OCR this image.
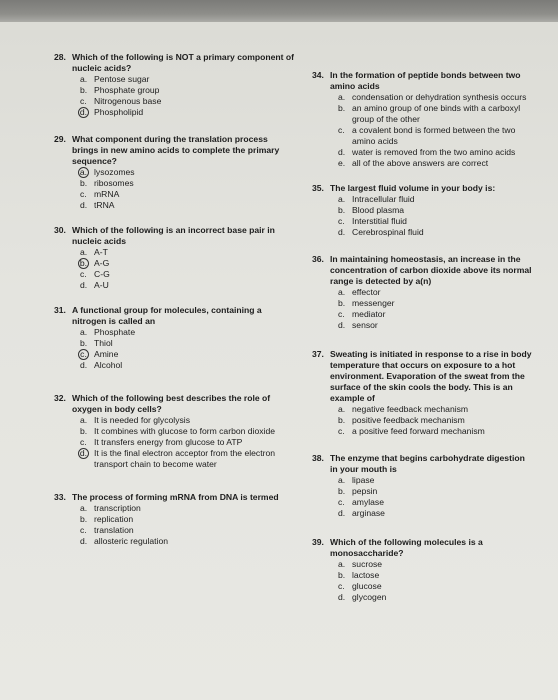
28. Which of the following is NOT a primary component of nucleic acids?
a. Pentose sugar
b. Phosphate group
c. Nitrogenous base
d. Phospholipid
29. What component during the translation process brings in new amino acids to complete the primary sequence?
a. lysozomes
b. ribosomes
c. mRNA
d. tRNA
30. Which of the following is an incorrect base pair in nucleic acids
a. A-T
b. A-G
c. C-G
d. A-U
31. A functional group for molecules, containing a nitrogen is called an
a. Phosphate
b. Thiol
c. Amine
d. Alcohol
32. Which of the following best describes the role of oxygen in body cells?
a. It is needed for glycolysis
b. It combines with glucose to form carbon dioxide
c. It transfers energy from glucose to ATP
d. It is the final electron acceptor from the electron transport chain to become water
33. The process of forming mRNA from DNA is termed
a. transcription
b. replication
c. translation
d. allosteric regulation
34. In the formation of peptide bonds between two amino acids
a. condensation or dehydration synthesis occurs
b. an amino group of one binds with a carboxyl group of the other
c. a covalent bond is formed between the two amino acids
d. water is removed from the two amino acids
e. all of the above answers are correct
35. The largest fluid volume in your body is:
a. Intracellular fluid
b. Blood plasma
c. Interstitial fluid
d. Cerebrospinal fluid
36. In maintaining homeostasis, an increase in the concentration of carbon dioxide above its normal range is detected by a(n)
a. effector
b. messenger
c. mediator
d. sensor
37. Sweating is initiated in response to a rise in body temperature that occurs on exposure to a hot environment. Evaporation of the sweat from the surface of the skin cools the body. This is an example of
a. negative feedback mechanism
b. positive feedback mechanism
c. a positive feed forward mechanism
38. The enzyme that begins carbohydrate digestion in your mouth is
a. lipase
b. pepsin
c. amylase
d. arginase
39. Which of the following molecules is a monosaccharide?
a. sucrose
b. lactose
c. glucose
d. glycogen
